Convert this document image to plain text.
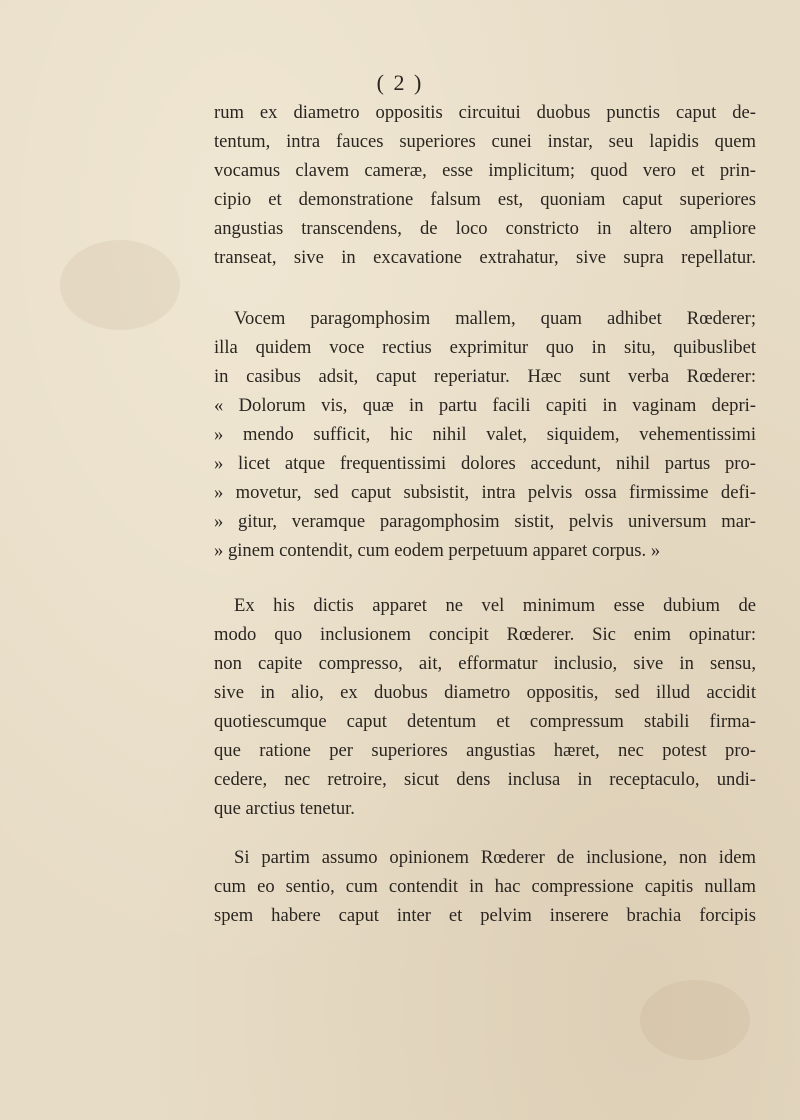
( 2 )
rum ex diametro oppositis circuitui duobus punctis caput de-
tentum, intra fauces superiores cunei instar, seu lapidis quem
vocamus clavem cameræ, esse implicitum; quod vero et prin-
cipio et demonstratione falsum est, quoniam caput superiores
angustias transcendens, de loco constricto in altero ampliore
transeat, sive in excavatione extrahatur, sive supra repellatur.
Vocem paragomphosim mallem, quam adhibet Rœderer;
illa quidem voce rectius exprimitur quo in situ, quibuslibet
in casibus adsit, caput reperiatur. Hæc sunt verba Rœderer:
« Dolorum vis, quæ in partu facili capiti in vaginam depri-
» mendo sufficit, hic nihil valet, siquidem, vehementissimi
» licet atque frequentissimi dolores accedunt, nihil partus pro-
» movetur, sed caput subsistit, intra pelvis ossa firmissime defi-
» gitur, veramque paragomphosim sistit, pelvis universum mar-
» ginem contendit, cum eodem perpetuum apparet corpus. »
Ex his dictis apparet ne vel minimum esse dubium de
modo quo inclusionem concipit Rœderer. Sic enim opinatur:
non capite compresso, ait, efformatur inclusio, sive in sensu,
sive in alio, ex duobus diametro oppositis, sed illud accidit
quotiescumque caput detentum et compressum stabili firma-
que ratione per superiores angustias hæret, nec potest pro-
cedere, nec retroire, sicut dens inclusa in receptaculo, undi-
que arctius tenetur.
Si partim assumo opinionem Rœderer de inclusione, non idem
cum eo sentio, cum contendit in hac compressione capitis nullam
spem habere caput inter et pelvim inserere brachia forcipis
